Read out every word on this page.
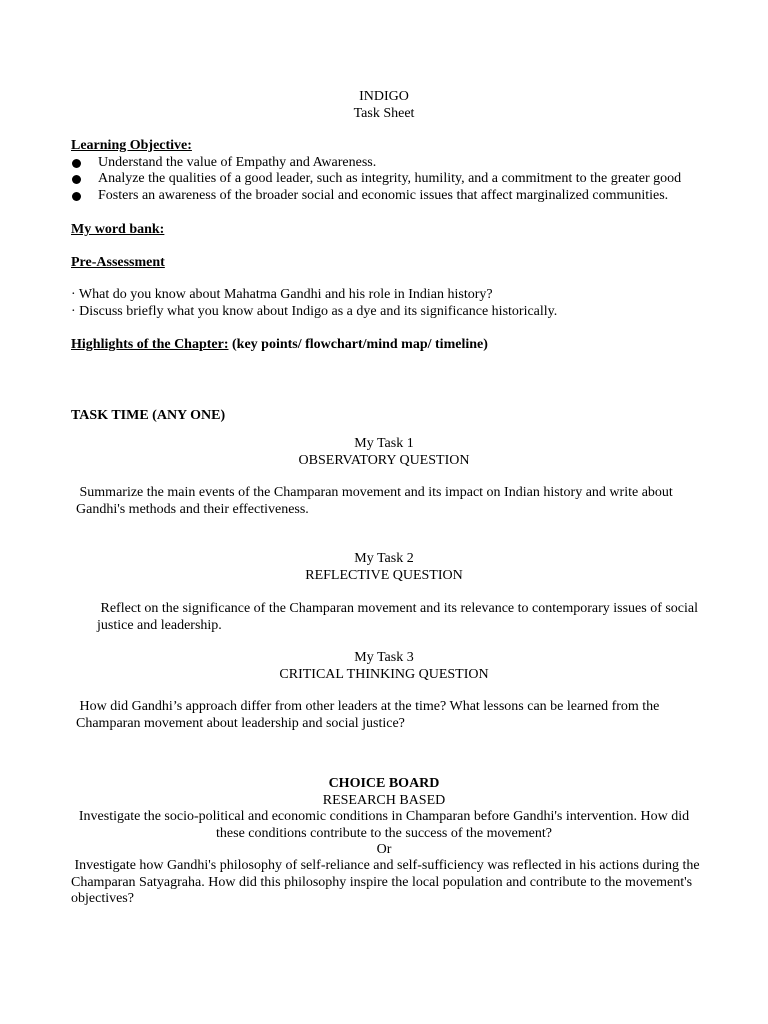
INDIGO
Task Sheet
Learning Objective:
Understand the value of Empathy and Awareness.
Analyze the qualities of a good leader, such as integrity, humility, and a commitment to the greater good
Fosters an awareness of the broader social and economic issues that affect marginalized communities.
My word bank:
Pre-Assessment
· What do you know about Mahatma Gandhi and his role in Indian history?
· Discuss briefly what you know about Indigo as a dye and its significance historically.
Highlights of the Chapter: (key points/ flowchart/mind map/ timeline)
TASK TIME (ANY ONE)
My Task 1
OBSERVATORY QUESTION
Summarize the main events of the Champaran movement and its impact on Indian history and write about
Gandhi's methods and their effectiveness.
My Task 2
REFLECTIVE QUESTION
Reflect on the significance of the Champaran movement and its relevance to contemporary issues of social
justice and leadership.
My Task 3
CRITICAL THINKING QUESTION
How did Gandhi’s approach differ from other leaders at the time? What lessons can be learned from the
Champaran movement about leadership and social justice?
CHOICE BOARD
RESEARCH BASED
Investigate the socio-political and economic conditions in Champaran before Gandhi's intervention. How did
these conditions contribute to the success of the movement?
Or
Investigate how Gandhi's philosophy of self-reliance and self-sufficiency was reflected in his actions during the
Champaran Satyagraha. How did this philosophy inspire the local population and contribute to the movement's
objectives?
